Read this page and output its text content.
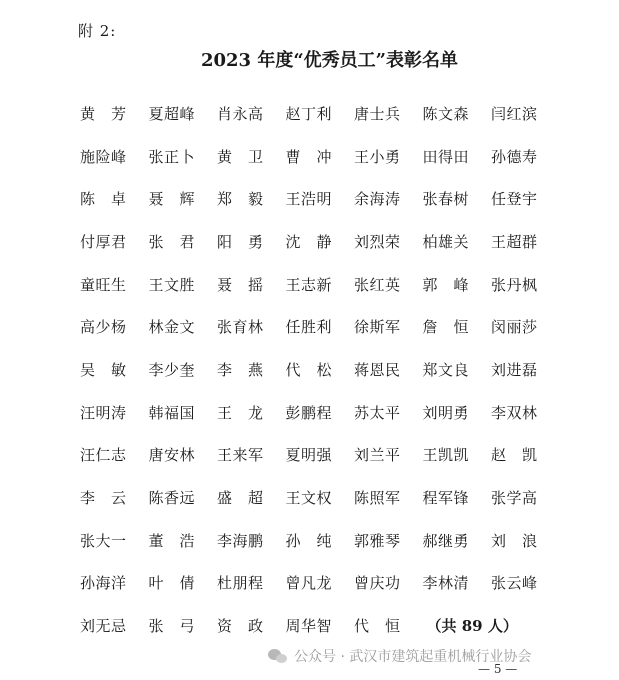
附 2:
2023 年度“优秀员工”表彰名单
黄　芳	夏超峰	肖永高	赵丁利	唐士兵	陈文森	闫红滨
施险峰	张正卜	黄　卫	曹　冲	王小勇	田得田	孙德寿
陈　卓	聂　辉	郑　毅	王浩明	余海涛	张春树	任登宇
付厚君	张　君	阳　勇	沈　静	刘烈荣	柏雄关	王超群
童旺生	王文胜	聂　摇	王志新	张红英	郭　峰	张丹枫
高少杨	林金文	张育林	任胜利	徐斯军	詹　恒	闵丽莎
吴　敏	李少奎	李　燕	代　松	蒋恩民	郑文良	刘进磊
汪明涛	韩福国	王　龙	彭鹏程	苏太平	刘明勇	李双林
汪仁志	唐安林	王来军	夏明强	刘兰平	王凯凯	赵　凯
李　云	陈香远	盛　超	王文权	陈照军	程军锋	张学高
张大一	董　浩	李海鹏	孙　纯	郭雅琴	郝继勇	刘　浪
孙海洋	叶　倩	杜朋程	曾凡龙	曾庆功	李林清	张云峰
刘无忌	张　弓	资　政	周华智	代　恒	（共 89 人）
公众号 · 武汉市建筑起重机械行业协会
— 5 —
